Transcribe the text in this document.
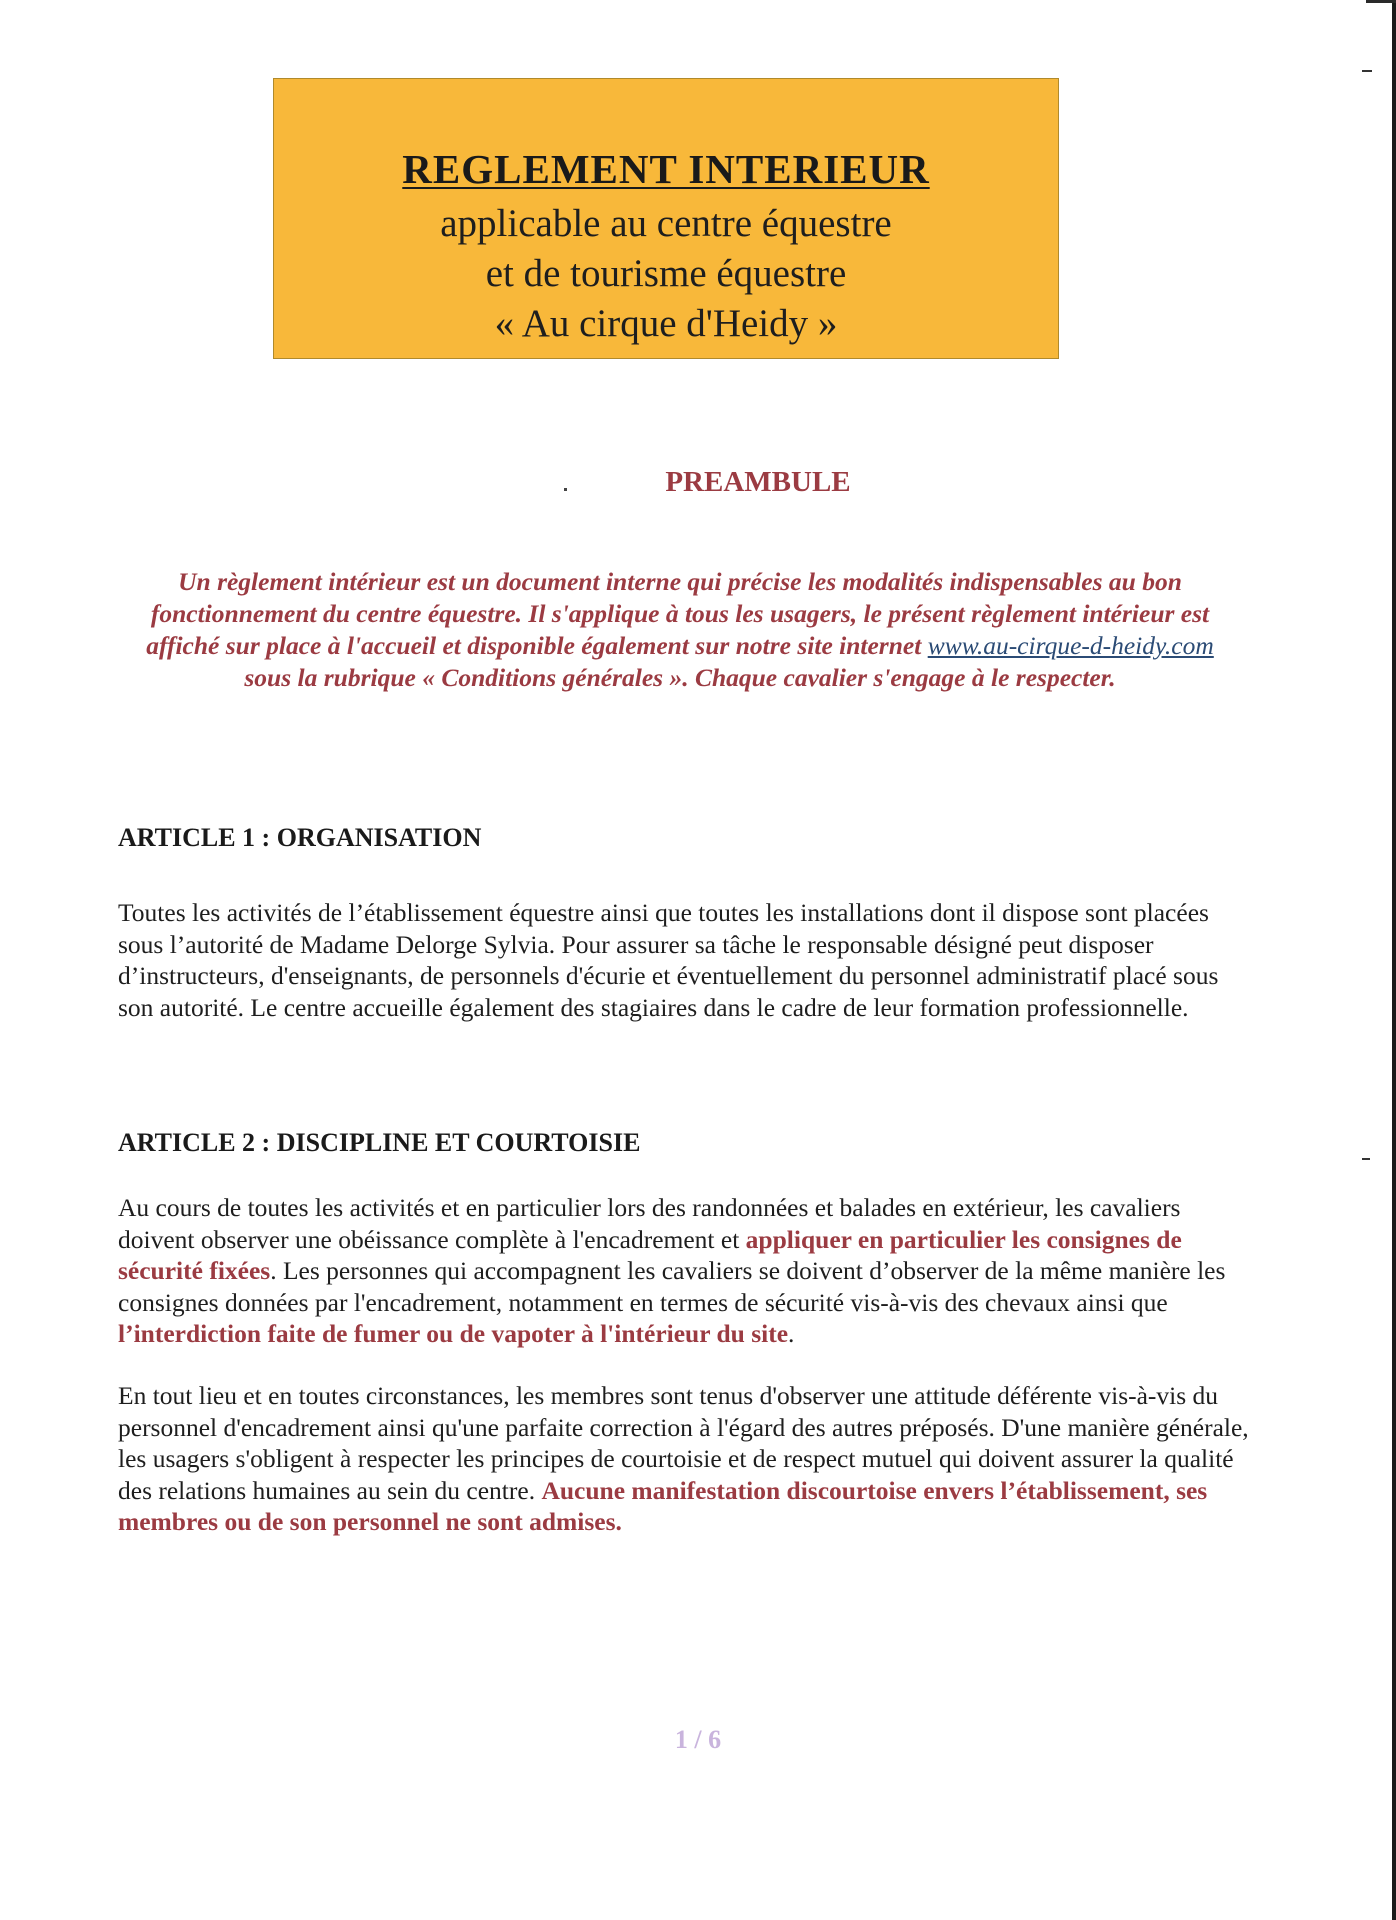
REGLEMENT INTERIEUR
applicable au centre équestre
et de tourisme équestre
« Au cirque d'Heidy »
PREAMBULE
Un règlement intérieur est un document interne qui précise les modalités indispensables au bon fonctionnement du centre équestre. Il s'applique à tous les usagers, le présent règlement intérieur est affiché sur place à l'accueil et disponible également sur notre site internet www.au-cirque-d-heidy.com sous la rubrique « Conditions générales ». Chaque cavalier s'engage à le respecter.
ARTICLE 1 : ORGANISATION
Toutes les activités de l’établissement équestre ainsi que toutes les installations dont il dispose sont placées sous l’autorité de Madame Delorge Sylvia. Pour assurer sa tâche le responsable désigné peut disposer d’instructeurs, d'enseignants, de personnels d'écurie et éventuellement du personnel administratif placé sous son autorité. Le centre accueille également des stagiaires dans le cadre de leur formation professionnelle.
ARTICLE 2 : DISCIPLINE ET COURTOISIE
Au cours de toutes les activités et en particulier lors des randonnées et balades en extérieur, les cavaliers doivent observer une obéissance complète à l'encadrement et appliquer en particulier les consignes de sécurité fixées. Les personnes qui accompagnent les cavaliers se doivent d’observer de la même manière les consignes données par l'encadrement, notamment en termes de sécurité vis-à-vis des chevaux ainsi que l’interdiction faite de fumer ou de vapoter à l'intérieur du site.
En tout lieu et en toutes circonstances, les membres sont tenus d'observer une attitude déférente vis-à-vis du personnel d'encadrement ainsi qu'une parfaite correction à l'égard des autres préposés. D'une manière générale, les usagers s'obligent à respecter les principes de courtoisie et de respect mutuel qui doivent assurer la qualité des relations humaines au sein du centre. Aucune manifestation discourtoise envers l’établissement, ses membres ou de son personnel ne sont admises.
1 / 6
